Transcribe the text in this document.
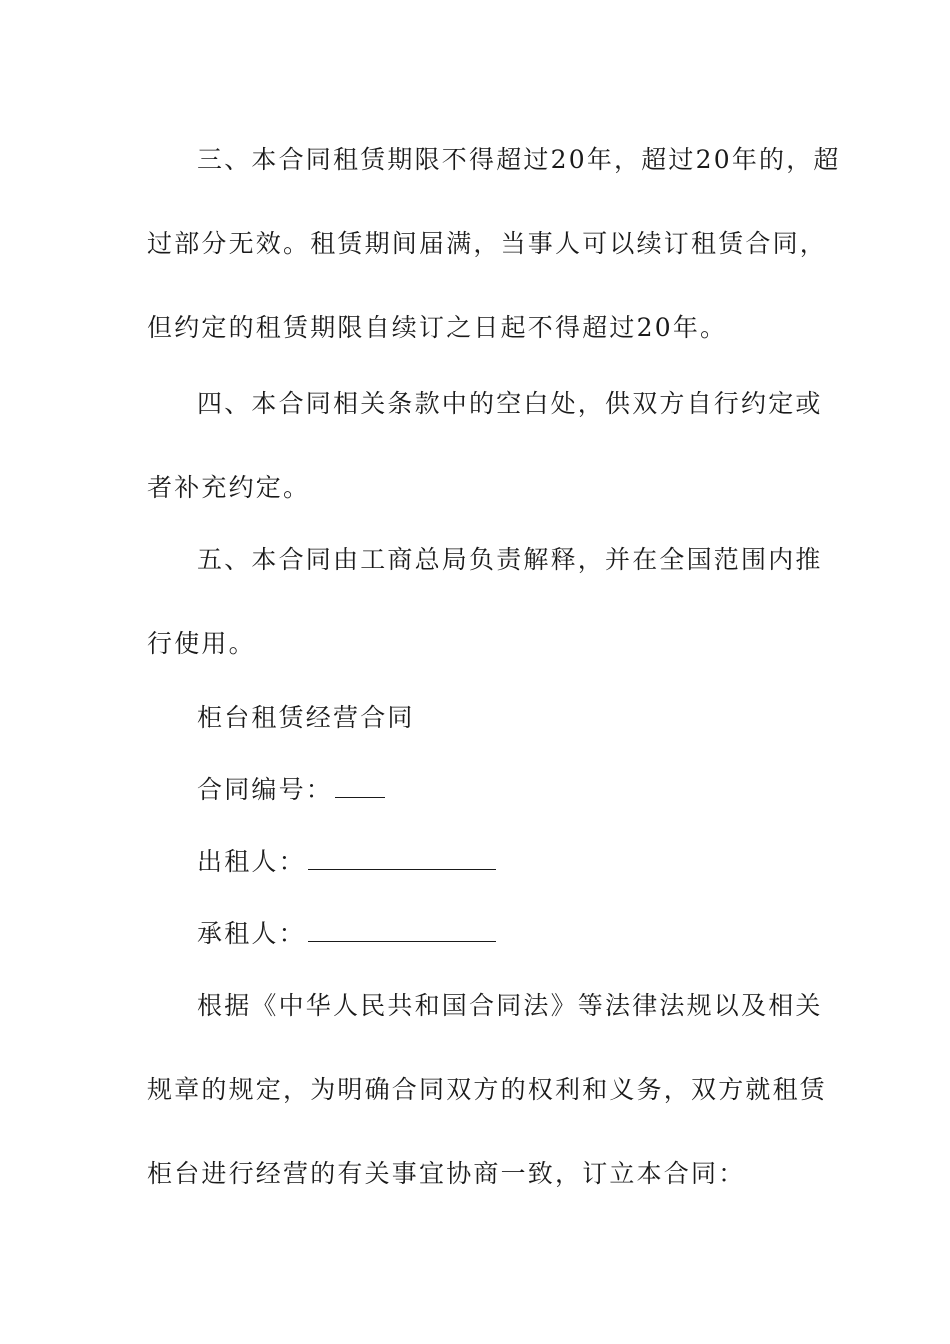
三、本合同租赁期限不得超过20年，超过20年的，超
过部分无效。租赁期间届满，当事人可以续订租赁合同，
但约定的租赁期限自续订之日起不得超过20年。
四、本合同相关条款中的空白处，供双方自行约定或
者补充约定。
五、本合同由工商总局负责解释，并在全国范围内推
行使用。
柜台租赁经营合同
合同编号：
出租人：
承租人：
根据《中华人民共和国合同法》等法律法规以及相关
规章的规定，为明确合同双方的权利和义务，双方就租赁
柜台进行经营的有关事宜协商一致，订立本合同：
